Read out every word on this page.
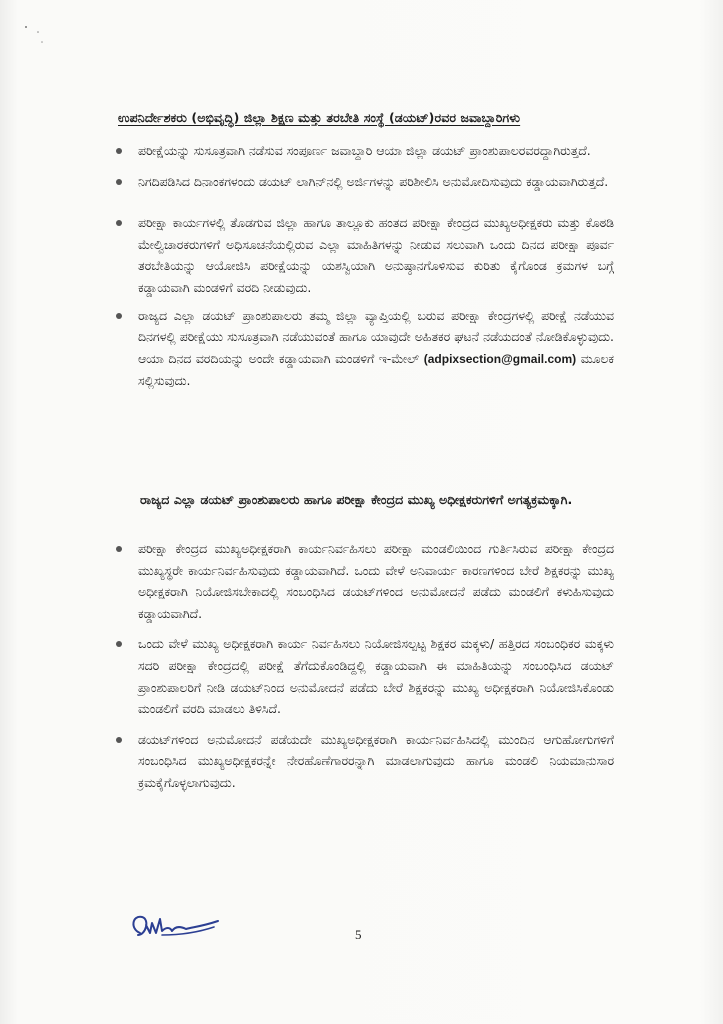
ಉಪನಿರ್ದೇಶಕರು (ಅಭಿವೃದ್ಧಿ) ಜಿಲ್ಲಾ ಶಿಕ್ಷಣ ಮತ್ತು ತರಬೇತಿ ಸಂಸ್ಥೆ (ಡಯಟ್)ರವರ ಜವಾಬ್ದಾರಿಗಳು
ಪರೀಕ್ಷೆಯನ್ನು ಸುಸೂತ್ರವಾಗಿ ನಡೆಸುವ ಸಂಪೂರ್ಣ ಜವಾಬ್ದಾರಿ ಆಯಾ ಜಿಲ್ಲಾ ಡಯಟ್ ಪ್ರಾಂಶುಪಾಲರವರದ್ದಾಗಿರುತ್ತದೆ.
ನಿಗದಿಪಡಿಸಿದ ದಿನಾಂಕಗಳಂದು ಡಯಟ್ ಲಾಗಿನ್‌ನಲ್ಲಿ ಅರ್ಜಿಗಳನ್ನು ಪರಿಶೀಲಿಸಿ ಅನುಮೋದಿಸುವುದು ಕಡ್ಡಾಯವಾಗಿರುತ್ತದೆ.
ಪರೀಕ್ಷಾ ಕಾರ್ಯಗಳಲ್ಲಿ ತೊಡಗುವ ಜಿಲ್ಲಾ ಹಾಗೂ ತಾಲ್ಲೂಕು ಹಂತದ ಪರೀಕ್ಷಾ ಕೇಂದ್ರದ ಮುಖ್ಯಅಧೀಕ್ಷಕರು ಮತ್ತು ಕೊಠಡಿ ಮೇಲ್ವಿಚಾರಕರುಗಳಿಗೆ ಅಧಿಸೂಚನೆಯಲ್ಲಿರುವ ಎಲ್ಲಾ ಮಾಹಿತಿಗಳನ್ನು ನೀಡುವ ಸಲುವಾಗಿ ಒಂದು ದಿನದ ಪರೀಕ್ಷಾ ಪೂರ್ವ ತರಬೇತಿಯನ್ನು ಆಯೋಜಿಸಿ ಪರೀಕ್ಷೆಯನ್ನು ಯಶಸ್ವಿಯಾಗಿ ಅನುಷ್ಠಾನಗೊಳಿಸುವ ಕುರಿತು ಕೈಗೊಂಡ ಕ್ರಮಗಳ ಬಗ್ಗೆ ಕಡ್ಡಾಯವಾಗಿ ಮಂಡಳಿಗೆ ವರದಿ ನೀಡುವುದು.
ರಾಜ್ಯದ ಎಲ್ಲಾ ಡಯಟ್ ಪ್ರಾಂಶುಪಾಲರು ತಮ್ಮ ಜಿಲ್ಲಾ ವ್ಯಾಪ್ತಿಯಲ್ಲಿ ಬರುವ ಪರೀಕ್ಷಾ ಕೇಂದ್ರಗಳಲ್ಲಿ ಪರೀಕ್ಷೆ ನಡೆಯುವ ದಿನಗಳಲ್ಲಿ ಪರೀಕ್ಷೆಯು ಸುಸೂತ್ರವಾಗಿ ನಡೆಯುವಂತೆ ಹಾಗೂ ಯಾವುದೇ ಅಹಿತಕರ ಘಟನೆ ನಡೆಯದಂತೆ ನೋಡಿಕೊಳ್ಳುವುದು. ಆಯಾ ದಿನದ ವರದಿಯನ್ನು ಅಂದೇ ಕಡ್ಡಾಯವಾಗಿ ಮಂಡಳಿಗೆ ಇ-ಮೇಲ್ (adpixsection@gmail.com) ಮೂಲಕ ಸಲ್ಲಿಸುವುದು.
ರಾಜ್ಯದ ಎಲ್ಲಾ ಡಯಟ್ ಪ್ರಾಂಶುಪಾಲರು ಹಾಗೂ ಪರೀಕ್ಷಾ ಕೇಂದ್ರದ ಮುಖ್ಯ ಅಧೀಕ್ಷಕರುಗಳಿಗೆ ಅಗತ್ಯಕ್ರಮಕ್ಕಾಗಿ.
ಪರೀಕ್ಷಾ ಕೇಂದ್ರದ ಮುಖ್ಯಅಧೀಕ್ಷಕರಾಗಿ ಕಾರ್ಯನಿರ್ವಹಿಸಲು ಪರೀಕ್ಷಾ ಮಂಡಲಿಯಿಂದ ಗುರ್ತಿಸಿರುವ ಪರೀಕ್ಷಾ ಕೇಂದ್ರದ ಮುಖ್ಯಸ್ಥರೇ ಕಾರ್ಯನಿರ್ವಹಿಸುವುದು ಕಡ್ಡಾಯವಾಗಿದೆ. ಒಂದು ವೇಳೆ ಅನಿವಾರ್ಯ ಕಾರಣಗಳಿಂದ ಬೇರೆ ಶಿಕ್ಷಕರನ್ನು ಮುಖ್ಯ ಅಧೀಕ್ಷಕರಾಗಿ ನಿಯೋಜಿಸಬೇಕಾದಲ್ಲಿ ಸಂಬಂಧಿಸಿದ ಡಯಟ್‌ಗಳಿಂದ ಅನುಮೋದನೆ ಪಡೆದು ಮಂಡಲಿಗೆ ಕಳುಹಿಸುವುದು ಕಡ್ಡಾಯವಾಗಿದೆ.
ಒಂದು ವೇಳೆ ಮುಖ್ಯ ಅಧೀಕ್ಷಕರಾಗಿ ಕಾರ್ಯ ನಿರ್ವಹಿಸಲು ನಿಯೋಜಿಸಲ್ಪಟ್ಟ ಶಿಕ್ಷಕರ ಮಕ್ಕಳು/ ಹತ್ತಿರದ ಸಂಬಂಧಿಕರ ಮಕ್ಕಳು ಸದರಿ ಪರೀಕ್ಷಾ ಕೇಂದ್ರದಲ್ಲಿ ಪರೀಕ್ಷೆ ತೆಗೆದುಕೊಂಡಿದ್ದಲ್ಲಿ ಕಡ್ಡಾಯವಾಗಿ ಈ ಮಾಹಿತಿಯನ್ನು ಸಂಬಂಧಿಸಿದ ಡಯಟ್ ಪ್ರಾಂಶುಪಾಲರಿಗೆ ನೀಡಿ ಡಯಟ್‌ನಿಂದ ಅನುಮೋದನೆ ಪಡೆದು ಬೇರೆ ಶಿಕ್ಷಕರನ್ನು ಮುಖ್ಯ ಅಧೀಕ್ಷಕರಾಗಿ ನಿಯೋಜಿಸಿಕೊಂಡು ಮಂಡಲಿಗೆ ವರದಿ ಮಾಡಲು ತಿಳಿಸಿದೆ.
ಡಯಟ್‌ಗಳಿಂದ ಅನುಮೋದನೆ ಪಡೆಯದೇ ಮುಖ್ಯಅಧೀಕ್ಷಕರಾಗಿ ಕಾರ್ಯನಿರ್ವಹಿಸಿದಲ್ಲಿ ಮುಂದಿನ ಆಗುಹೋಗುಗಳಿಗೆ ಸಂಬಂಧಿಸಿದ ಮುಖ್ಯಅಧೀಕ್ಷಕರನ್ನೇ ನೇರಹೊಣೆಗಾರರನ್ನಾಗಿ ಮಾಡಲಾಗುವುದು ಹಾಗೂ ಮಂಡಲಿ ನಿಯಮಾನುಸಾರ ಕ್ರಮಕೈಗೊಳ್ಳಲಾಗುವುದು.
5
